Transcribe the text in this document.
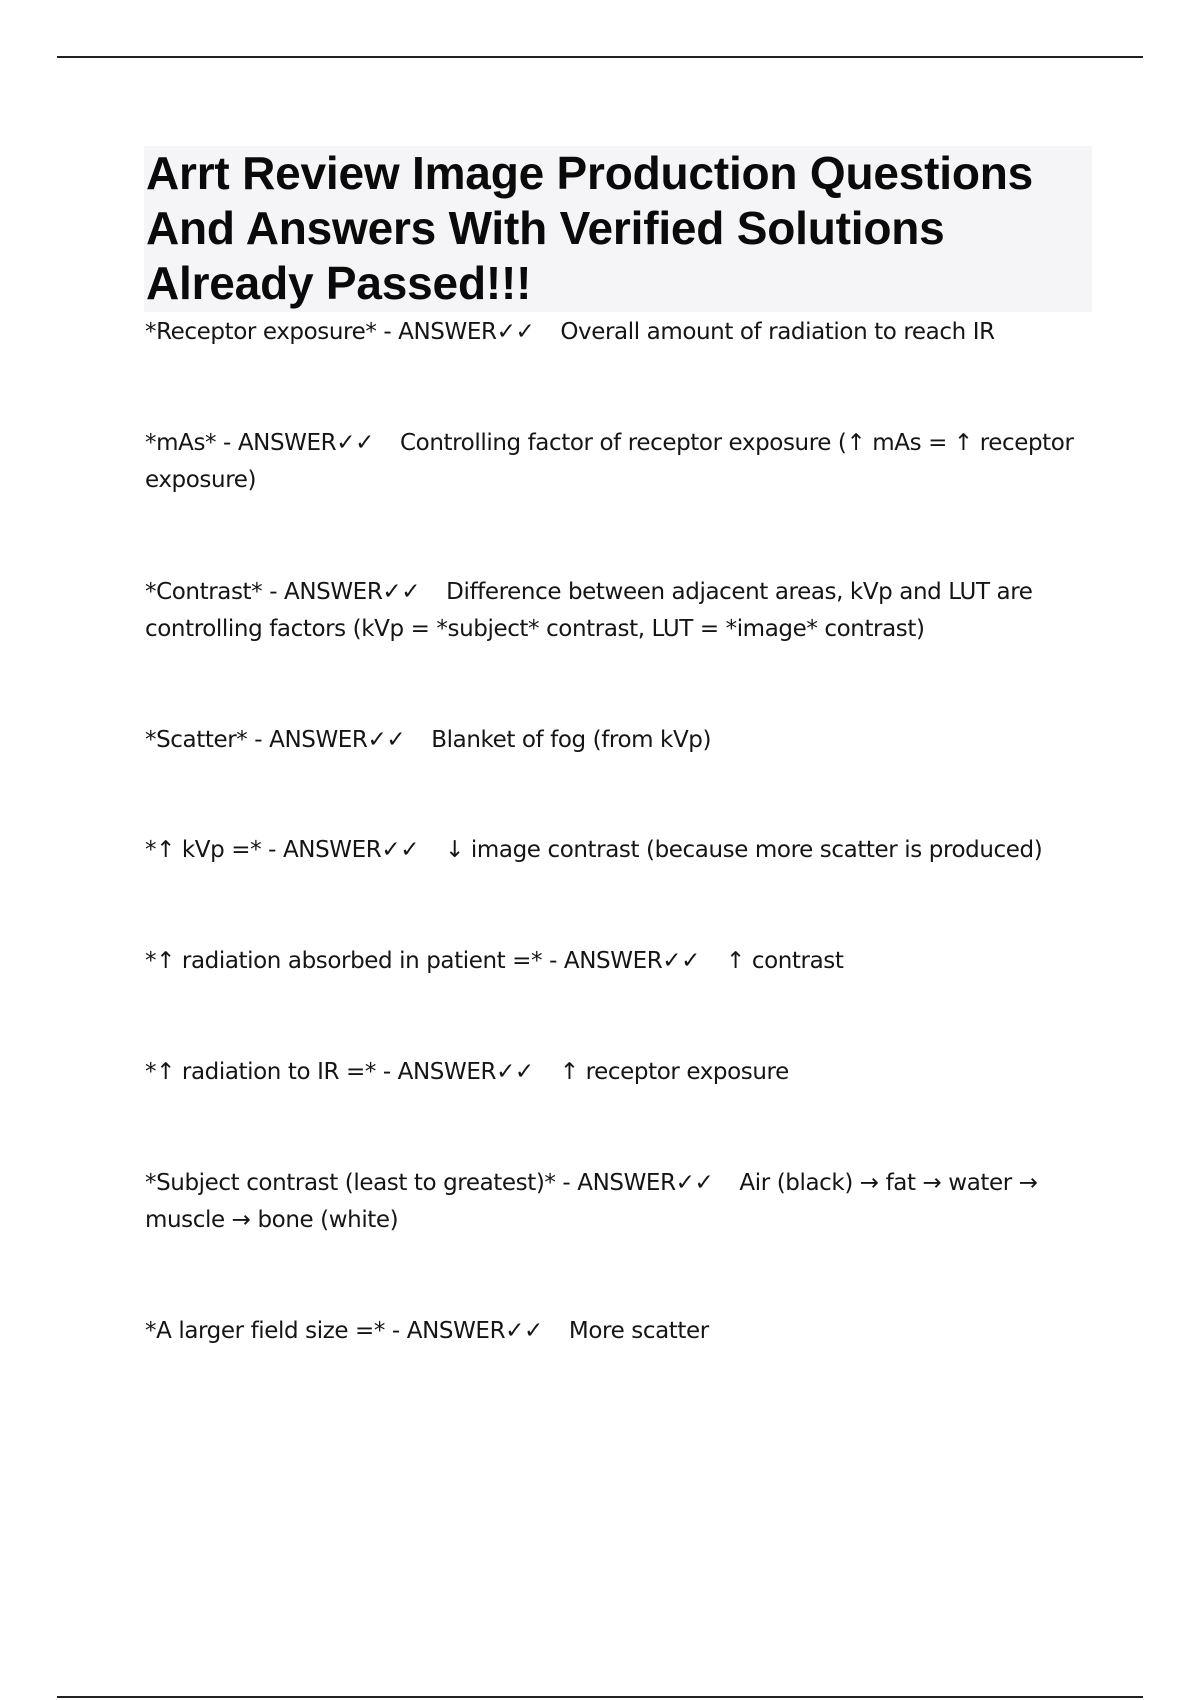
Arrt Review Image Production Questions And Answers With Verified Solutions Already Passed!!!
*Receptor exposure* - ANSWER✓✓ Overall amount of radiation to reach IR
*mAs* - ANSWER✓✓ Controlling factor of receptor exposure (↑ mAs = ↑ receptor exposure)
*Contrast* - ANSWER✓✓ Difference between adjacent areas, kVp and LUT are controlling factors (kVp = *subject* contrast, LUT = *image* contrast)
*Scatter* - ANSWER✓✓ Blanket of fog (from kVp)
*↑ kVp =* - ANSWER✓✓ ↓ image contrast (because more scatter is produced)
*↑ radiation absorbed in patient =* - ANSWER✓✓ ↑ contrast
*↑ radiation to IR =* - ANSWER✓✓ ↑ receptor exposure
*Subject contrast (least to greatest)* - ANSWER✓✓ Air (black) → fat → water → muscle → bone (white)
*A larger field size =* - ANSWER✓✓ More scatter
